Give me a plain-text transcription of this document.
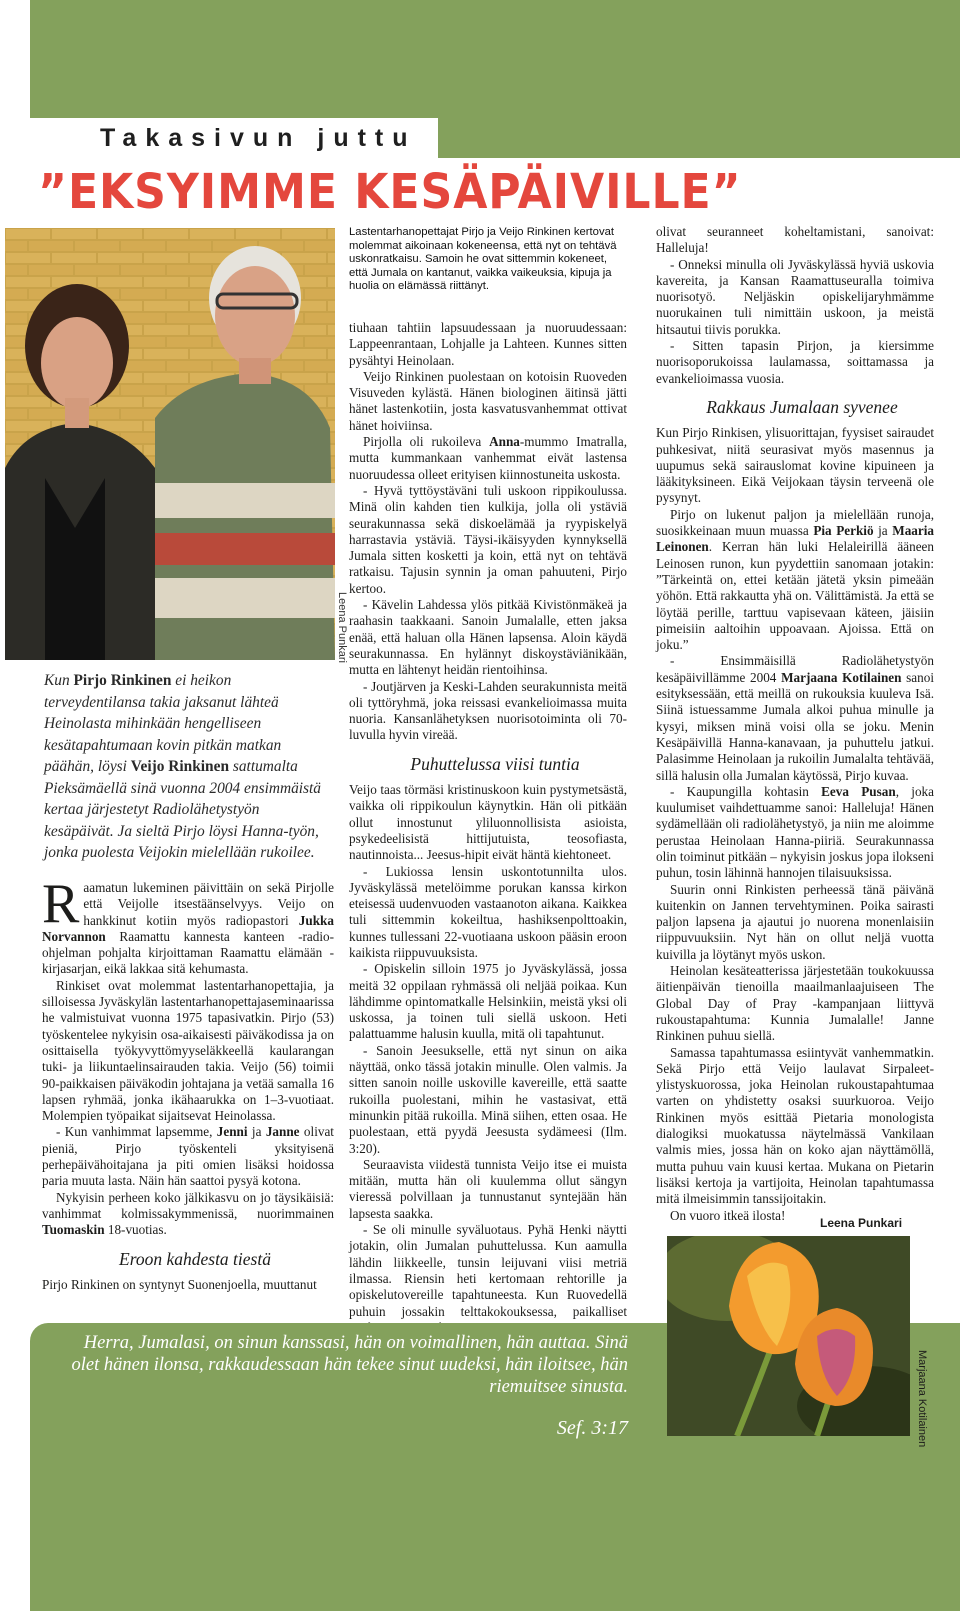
Takasivun juttu
”EKSYIMME KESÄPÄIVILLE”
Leena Punkari
Kun Pirjo Rinkinen ei heikon terveydentilansa takia jaksanut lähteä Heinolasta mihinkään hengelliseen kesätapahtumaan kovin pitkän matkan päähän, löysi Veijo Rinkinen sattumalta Pieksämäellä sinä vuonna 2004 ensimmäistä kertaa järjestetyt Radiolähetystyön kesäpäivät. Ja sieltä Pirjo löysi Hanna-työn, jonka puolesta Veijokin mielellään rukoilee.

Raamatun lukeminen päivittäin on sekä Pirjolle että Veijolle itsestäänselvyys. Veijo on hankkinut kotiin myös radiopastori Jukka Norvannon Raamattu kannesta kanteen -radio-ohjelman pohjalta kirjoittaman Raamattu elämään -kirjasarjan, eikä lakkaa sitä kehumasta.

Rinkiset ovat molemmat lastentarhanopettajia, ja silloisessa Jyväskylän lastentarhanopettajaseminaarissa he valmistuivat vuonna 1975 tapasivatkin. Pirjo (53) työskentelee nykyisin osa-aikaisesti päiväkodissa ja on osittaisella työkyvyttömyyseläkkeellä kaularangan tuki- ja liikuntaelinsairauden takia. Veijo (56) toimii 90-paikkaisen päiväkodin johtajana ja vetää samalla 16 lapsen ryhmää, jonka ikähaarukka on 1–3-vuotiaat. Molempien työpaikat sijaitsevat Heinolassa.

- Kun vanhimmat lapsemme, Jenni ja Janne olivat pieniä, Pirjo työskenteli yksityisenä perhepäivähoitajana ja piti omien lisäksi hoidossa paria muuta lasta. Näin hän saattoi pysyä kotona.

Nykyisin perheen koko jälkikasvu on jo täysikäisiä: vanhimmat kolmissakymmenissä, nuorimmainen Tuomaskin 18-vuotias.

Eroon kahdesta tiestä

Pirjo Rinkinen on syntynyt Suonenjoella, muuttanut

Lastentarhanopettajat Pirjo ja Veijo Rinkinen kertovat molemmat aikoinaan kokeneensa, että nyt on tehtävä uskonratkaisu. Samoin he ovat sittemmin kokeneet, että Jumala on kantanut, vaikka vaikeuksia, kipuja ja huolia on elämässä riittänyt.

tiuhaan tahtiin lapsuudessaan ja nuoruudessaan: Lappeenrantaan, Lohjalle ja Lahteen. Kunnes sitten pysähtyi Heinolaan.

Veijo Rinkinen puolestaan on kotoisin Ruoveden Visuveden kylästä. Hänen biologinen äitinsä jätti hänet lastenkotiin, josta kasvatusvanhemmat ottivat hänet hoiviinsa.

Pirjolla oli rukoileva Anna-mummo Imatralla, mutta kummankaan vanhemmat eivät lastensa nuoruudessa olleet erityisen kiinnostuneita uskosta.

- Hyvä tyttöystäväni tuli uskoon rippikoulussa. Minä olin kahden tien kulkija, jolla oli ystäviä seurakunnassa sekä diskoelämää ja ryypiskelyä harrastavia ystäviä. Täysi-ikäisyyden kynnyksellä Jumala sitten kosketti ja koin, että nyt on tehtävä ratkaisu. Tajusin synnin ja oman pahuuteni, Pirjo kertoo.

- Kävelin Lahdessa ylös pitkää Kivistönmäkeä ja raahasin taakkaani. Sanoin Jumalalle, etten jaksa enää, että haluan olla Hänen lapsensa. Aloin käydä seurakunnassa. En hylännyt diskoystäviänikään, mutta en lähtenyt heidän rientoihinsa.

- Joutjärven ja Keski-Lahden seurakunnista meitä oli tyttöryhmä, joka reissasi evankelioimassa muita nuoria. Kansanlähetyksen nuorisotoiminta oli 70-luvulla hyvin vireää.

Puhuttelussa viisi tuntia

Veijo taas törmäsi kristinuskoon kuin pystymetsästä, vaikka oli rippikoulun käynytkin. Hän oli pitkään ollut innostunut yliluonnollisista asioista, psykedeelisistä hittijutuista, teosofiasta, nautinnoista... Jeesus-hipit eivät häntä kiehtoneet.

- Lukiossa lensin uskontotunnilta ulos. Jyväskylässä metelöimme porukan kanssa kirkon eteisessä uudenvuoden vastaanoton aikana. Kaikkea tuli sittemmin kokeiltua, hashiksenpolttoakin, kunnes tullessani 22-vuotiaana uskoon pääsin eroon kaikista riippuvuuksista.

- Opiskelin silloin 1975 jo Jyväskylässä, jossa meitä 32 oppilaan ryhmässä oli neljää poikaa. Kun lähdimme opintomatkalle Helsinkiin, meistä yksi oli uskossa, ja toinen tuli siellä uskoon. Heti palattuamme halusin kuulla, mitä oli tapahtunut.

- Sanoin Jeesukselle, että nyt sinun on aika näyttää, onko tässä jotakin minulle. Olen valmis. Ja sitten sanoin noille uskoville kavereille, että saatte rukoilla puolestani, mihin he vastasivat, että minunkin pitää rukoilla. Minä siihen, etten osaa. He puolestaan, että pyydä Jeesusta sydämeesi (Ilm. 3:20).

Seuraavista viidestä tunnista Veijo itse ei muista mitään, mutta hän oli kuulemma ollut sängyn vieressä polvillaan ja tunnustanut syntejään hän lapsesta saakka.

- Se oli minulle syväluotaus. Pyhä Henki näytti jotakin, olin Jumalan puhuttelussa. Kun aamulla lähdin liikkeelle, tunsin leijuvani viisi metriä ilmassa. Riensin heti kertomaan rehtorille ja opiskelutovereille tapahtuneesta. Kun Ruovedellä puhuin jossakin telttakokouksessa, paikalliset

olivat seuranneet koheltamistani, sanoivat: Halleluja!

- Onneksi minulla oli Jyväskylässä hyviä uskovia kavereita, ja Kansan Raamattuseuralla toimiva nuorisotyö. Neljäskin opiskelijaryhmämme nuorukainen tuli nimittäin uskoon, ja meistä hitsautui tiivis porukka.

- Sitten tapasin Pirjon, ja kiersimme nuorisoporukoissa laulamassa, soittamassa ja evankelioimassa vuosia.

Rakkaus Jumalaan syvenee

Kun Pirjo Rinkisen, ylisuorittajan, fyysiset sairaudet puhkesivat, niitä seurasivat myös masennus ja uupumus sekä sairauslomat kovine kipuineen ja lääkityksineen. Eikä Veijokaan täysin terveenä ole pysynyt.

Pirjo on lukenut paljon ja mielellään runoja, suosikkeinaan muun muassa Pia Perkiö ja Maaria Leinonen. Kerran hän luki Helaleirillä ääneen Leinosen runon, kun pyydettiin sanomaan jotakin: ”Tärkeintä on, ettei ketään jätetä yksin pimeään yöhön. Että rakkautta yhä on. Välittämistä. Ja että se löytää perille, tarttuu vapisevaan käteen, jäisiin pimeisiin aaltoihin uppoavaan. Ajoissa. Että on joku.”

- Ensimmäisillä Radiolähetystyön kesäpäivillämme 2004 Marjaana Kotilainen sanoi esityksessään, että meillä on rukouksia kuuleva Isä. Siinä istuessamme Jumala alkoi puhua minulle ja kysyi, miksen minä voisi olla se joku. Menin Kesäpäivillä Hanna-kanavaan, ja puhuttelu jatkui. Palasimme Heinolaan ja rukoilin Jumalalta tehtävää, sillä halusin olla Jumalan käytössä, Pirjo kuvaa.

- Kaupungilla kohtasin Eeva Pusan, joka kuulumiset vaihdettuamme sanoi: Halleluja! Hänen sydämellään oli radiolähetystyö, ja niin me aloimme perustaa Heinolaan Hanna-piiriä. Seurakunnassa olin toiminut pitkään – nykyisin joskus jopa ilokseni puhun, tosin lähinnä hannojen tilaisuuksissa.

Suurin onni Rinkisten perheessä tänä päivänä kuitenkin on Jannen tervehtyminen. Poika sairasti paljon lapsena ja ajautui jo nuorena monenlaisiin riippuvuuksiin. Nyt hän on ollut neljä vuotta kuivilla ja löytänyt myös uskon.

Heinolan kesäteatterissa järjestetään toukokuussa äitienpäivän tienoilla maailmanlaajuiseen The Global Day of Pray -kampanjaan liittyvä rukoustapahtuma: Kunnia Jumalalle! Janne Rinkinen puhuu siellä.

Samassa tapahtumassa esiintyvät vanhemmatkin. Sekä Pirjo että Veijo laulavat Sirpaleet-ylistyskuorossa, joka Heinolan rukoustapahtumaa varten on yhdistetty osaksi suurkuoroa. Veijo Rinkinen myös esittää Pietaria monologista dialogiksi muokatussa näytelmässä Vankilaan valmis mies, jossa hän on koko ajan näyttämöllä, mutta puhuu vain kuusi kertaa. Mukana on Pietarin lisäksi kertoja ja vartijoita, Heinolan tapahtumassa mitä ilmeisimmin tanssijoitakin.

On vuoro itkeä ilosta!

Leena Punkari
Marjaana Kotilainen
Herra, Jumalasi, on sinun kanssasi, hän on voimallinen, hän auttaa. Sinä olet hänen ilonsa, rakkaudessaan hän tekee sinut uudeksi, hän iloitsee, hän riemuitsee sinusta.
Sef. 3:17
